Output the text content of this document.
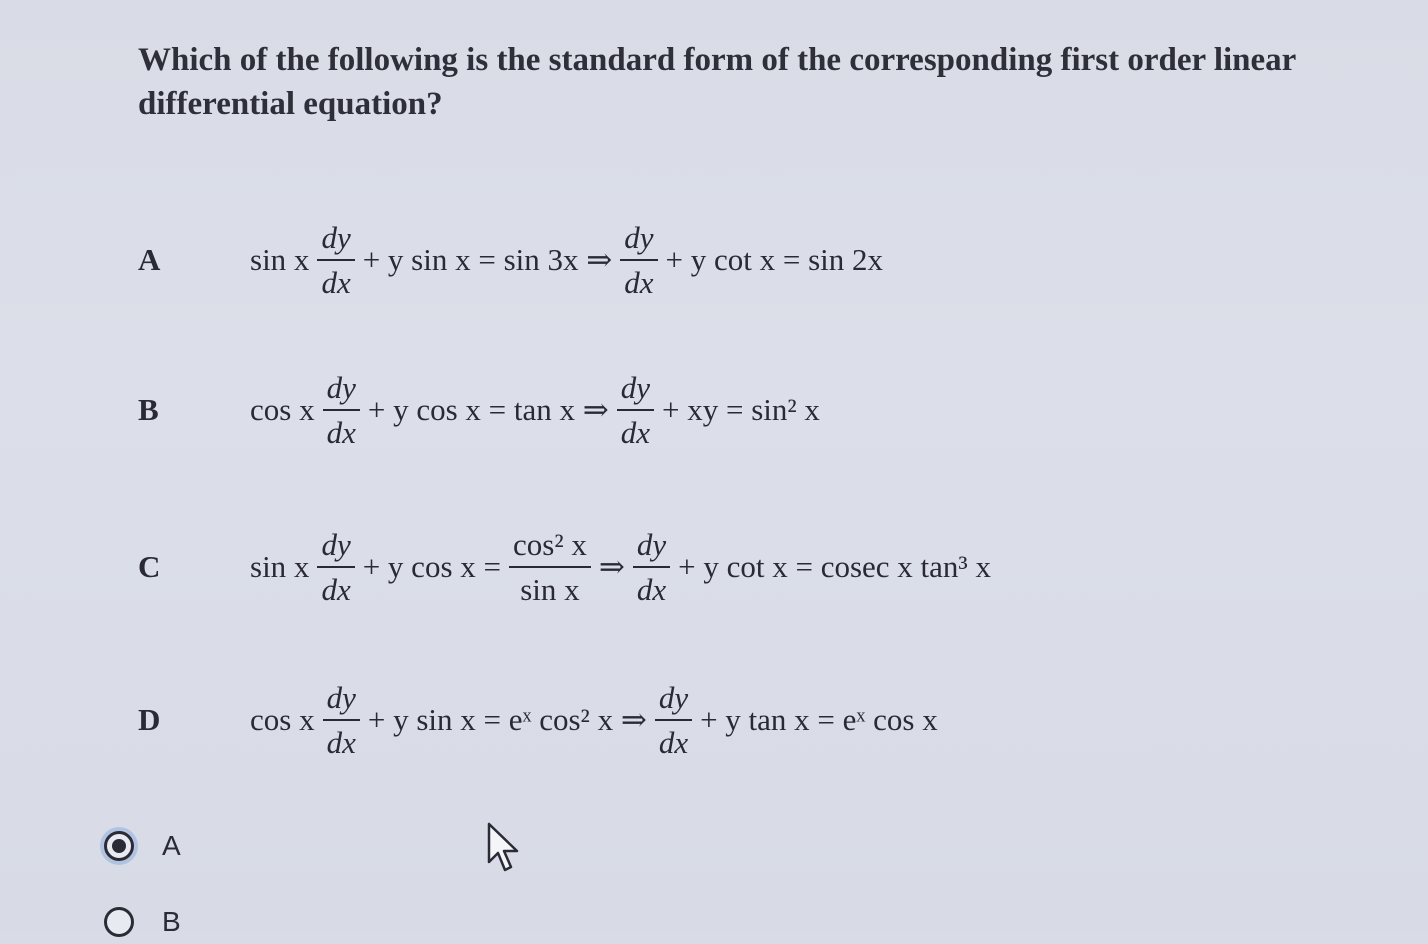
Which of the following is the standard form of the corresponding first order linear differential equation?
A	sin x $\frac{dy}{dx} + y$ sin x = sin 3x ⇒ $\frac{dy}{dx} + y$ cot x = sin 2x
B	cos x $\frac{dy}{dx} + y$ cos x = tan x ⇒ $\frac{dy}{dx}$ + xy = sin² x
C	sin x $\frac{dy}{dx} + y$ $\cos x = \frac{\text{cos² x}}{\text{sin x}}$ ⇒ $\frac{dy}{dx} + y$ cot x = cosec x tan³ x
D	cos x $\frac{dy}{dx} + y$ sin x = eˣ cos² x ⇒ $\frac{dy}{dx} + y$ tan x = eˣ cos x
A
B
